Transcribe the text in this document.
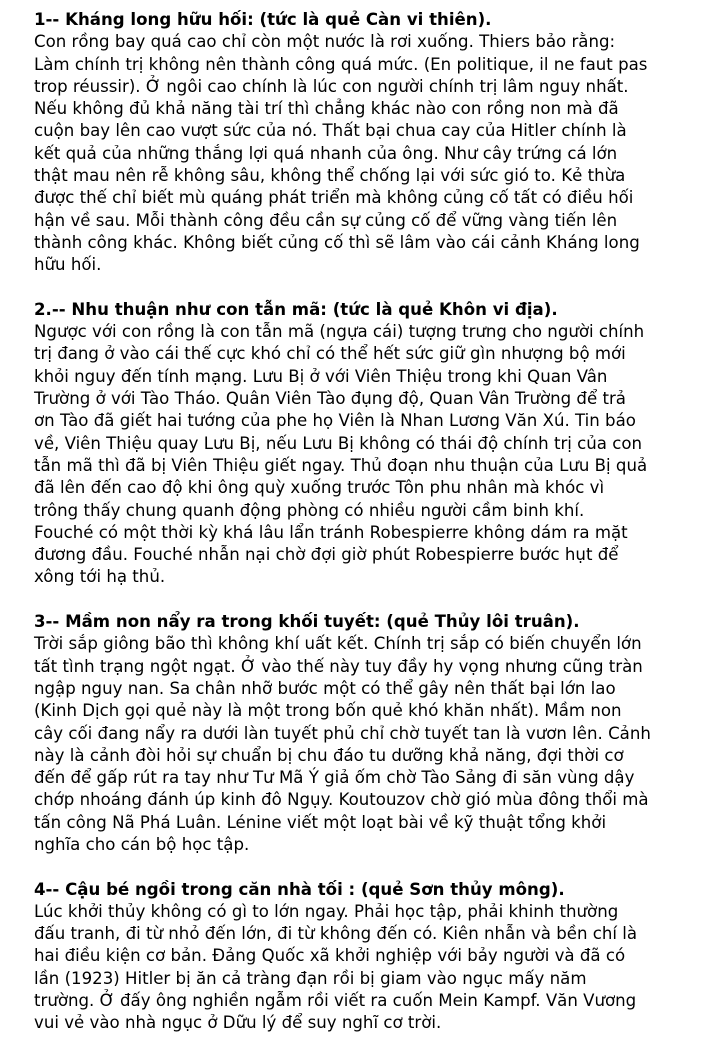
1-- Kháng long hữu hối: (tức là quẻ Càn vi thiên).

Con rồng bay quá cao chỉ còn một nước là rơi xuống. Thiers bảo rằng:
Làm chính trị không nên thành công quá mức. (En politique, il ne faut pas
trop réussir). Ở ngôi cao chính là lúc con người chính trị lâm nguy nhất.
Nếu không đủ khả năng tài trí thì chẳng khác nào con rồng non mà đã
cuộn bay lên cao vượt sức của nó. Thất bại chua cay của Hitler chính là
kết quả của những thắng lợi quá nhanh của ông. Như cây trứng cá lớn
thật mau nên rễ không sâu, không thể chống lại với sức gió to. Kẻ thừa
được thế chỉ biết mù quáng phát triển mà không củng cố tất có điều hối
hận về sau. Mỗi thành công đều cần sự củng cố để vững vàng tiến lên
thành công khác. Không biết củng cố thì sẽ lâm vào cái cảnh Kháng long
hữu hối.

2.-- Nhu thuận như con tẫn mã: (tức là quẻ Khôn vi địa).

Ngược với con rồng là con tẫn mã (ngựa cái) tượng trưng cho người chính
trị đang ở vào cái thế cực khó chỉ có thể hết sức giữ gìn nhượng bộ mới
khỏi nguy đến tính mạng. Lưu Bị ở với Viên Thiệu trong khi Quan Vân
Trường ở với Tào Tháo. Quân Viên Tào đụng độ, Quan Vân Trường để trả
ơn Tào đã giết hai tướng của phe họ Viên là Nhan Lương Văn Xú. Tin báo
về, Viên Thiệu quay Lưu Bị, nếu Lưu Bị không có thái độ chính trị của con
tẫn mã thì đã bị Viên Thiệu giết ngay. Thủ đoạn nhu thuận của Lưu Bị quả
đã lên đến cao độ khi ông quỳ xuống trước Tôn phu nhân mà khóc vì
trông thấy chung quanh động phòng có nhiều người cầm binh khí.
Fouché có một thời kỳ khá lâu lẩn tránh Robespierre không dám ra mặt
đương đầu. Fouché nhẫn nại chờ đợi giờ phút Robespierre bước hụt để
xông tới hạ thủ.

3-- Mầm non nẩy ra trong khối tuyết: (quẻ Thủy lôi truân).

Trời sắp giông bão thì không khí uất kết. Chính trị sắp có biến chuyển lớn
tất tình trạng ngột ngạt. Ở vào thế này tuy đầy hy vọng nhưng cũng tràn
ngập nguy nan. Sa chân nhỡ bước một có thể gây nên thất bại lớn lao
(Kinh Dịch gọi quẻ này là một trong bốn quẻ khó khăn nhất). Mầm non
cây cối đang nẩy ra dưới làn tuyết phủ chỉ chờ tuyết tan là vươn lên. Cảnh
này là cảnh đòi hỏi sự chuẩn bị chu đáo tu dưỡng khả năng, đợi thời cơ
đến để gấp rút ra tay như Tư Mã Ý giả ốm chờ Tào Sảng đi săn vùng dậy
chớp nhoáng đánh úp kinh đô Ngụy. Koutouzov chờ gió mùa đông thổi mà
tấn công Nã Phá Luân. Lénine viết một loạt bài về kỹ thuật tổng khởi
nghĩa cho cán bộ học tập.

4-- Cậu bé ngồi trong căn nhà tối : (quẻ Sơn thủy mông).

Lúc khởi thủy không có gì to lớn ngay. Phải học tập, phải khinh thường
đấu tranh, đi từ nhỏ đến lớn, đi từ không đến có. Kiên nhẫn và bền chí là
hai điều kiện cơ bản. Đảng Quốc xã khởi nghiệp với bảy người và đã có
lần (1923) Hitler bị ăn cả tràng đạn rồi bị giam vào ngục mấy năm
trường. Ở đấy ông nghiền ngẫm rồi viết ra cuốn Mein Kampf. Văn Vương
vui vẻ vào nhà ngục ở Dữu lý để suy nghĩ cơ trời.
